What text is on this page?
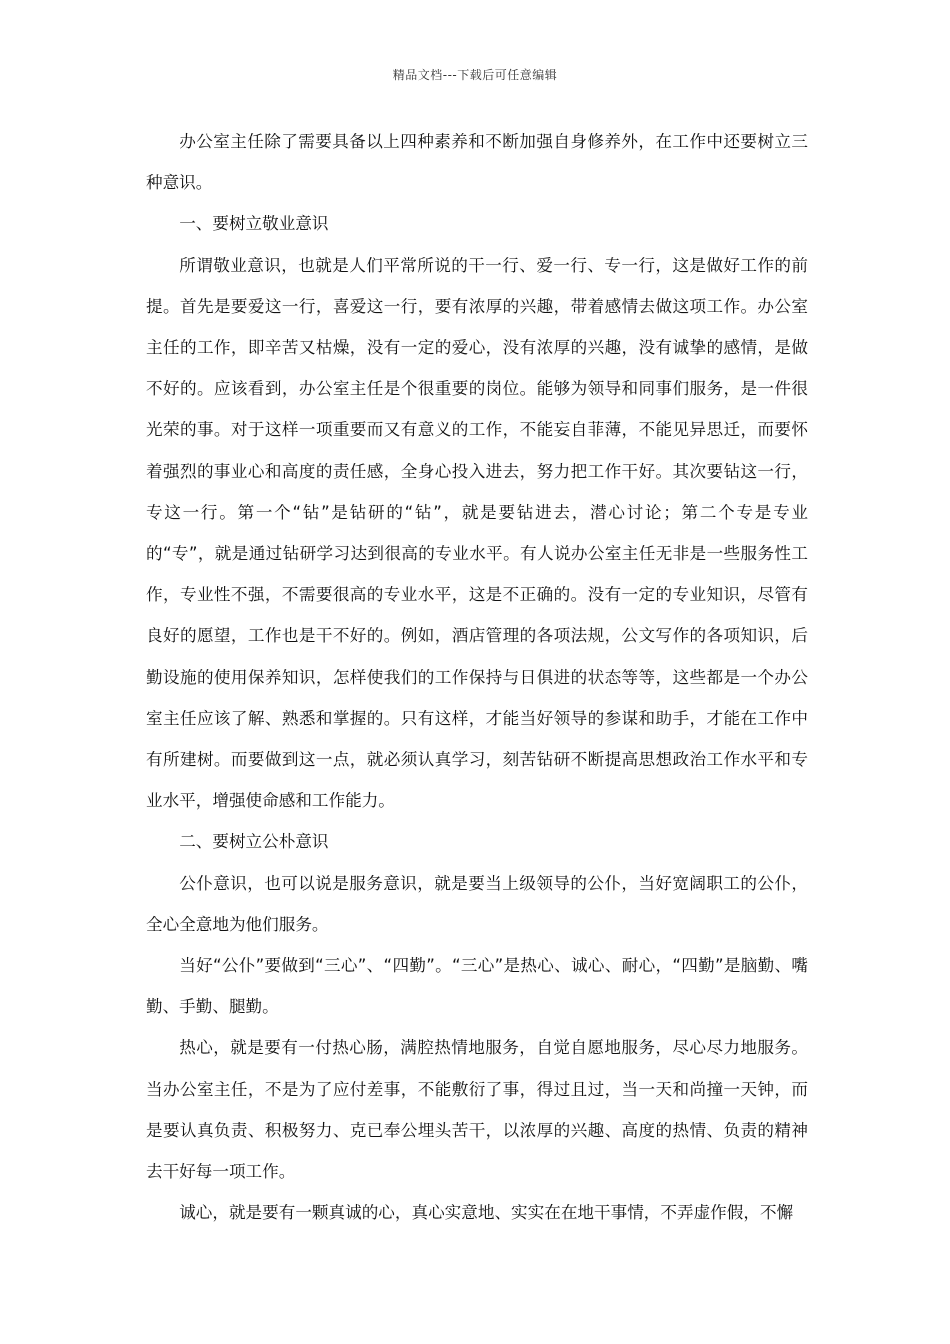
精品文档---下载后可任意编辑

办公室主任除了需要具备以上四种素养和不断加强自身修养外，在工作中还要树立三种意识。

一、要树立敬业意识

所谓敬业意识，也就是人们平常所说的干一行、爱一行、专一行，这是做好工作的前提。首先是要爱这一行，喜爱这一行，要有浓厚的兴趣，带着感情去做这项工作。办公室主任的工作，即辛苦又枯燥，没有一定的爱心，没有浓厚的兴趣，没有诚挚的感情，是做不好的。应该看到，办公室主任是个很重要的岗位。能够为领导和同事们服务，是一件很光荣的事。对于这样一项重要而又有意义的工作，不能妄自菲薄，不能见异思迁，而要怀着强烈的事业心和高度的责任感，全身心投入进去，努力把工作干好。其次要钻这一行，专这一行。第一个“钻”是钻研的“钻”，就是要钻进去，潜心讨论；第二个专是专业的“专”，就是通过钻研学习达到很高的专业水平。有人说办公室主任无非是一些服务性工作，专业性不强，不需要很高的专业水平，这是不正确的。没有一定的专业知识，尽管有良好的愿望，工作也是干不好的。例如，酒店管理的各项法规，公文写作的各项知识，后勤设施的使用保养知识，怎样使我们的工作保持与日俱进的状态等等，这些都是一个办公室主任应该了解、熟悉和掌握的。只有这样，才能当好领导的参谋和助手，才能在工作中有所建树。而要做到这一点，就必须认真学习，刻苦钻研不断提高思想政治工作水平和专业水平，增强使命感和工作能力。

二、要树立公朴意识

公仆意识，也可以说是服务意识，就是要当上级领导的公仆，当好宽阔职工的公仆，全心全意地为他们服务。

当好“公仆”要做到“三心”、“四勤”。“三心”是热心、诚心、耐心，“四勤”是脑勤、嘴勤、手勤、腿勤。

热心，就是要有一付热心肠，满腔热情地服务，自觉自愿地服务，尽心尽力地服务。当办公室主任，不是为了应付差事，不能敷衍了事，得过且过，当一天和尚撞一天钟，而是要认真负责、积极努力、克已奉公埋头苦干，以浓厚的兴趣、高度的热情、负责的精神去干好每一项工作。

诚心，就是要有一颗真诚的心，真心实意地、实实在在地干事情，不弄虚作假，不懈
